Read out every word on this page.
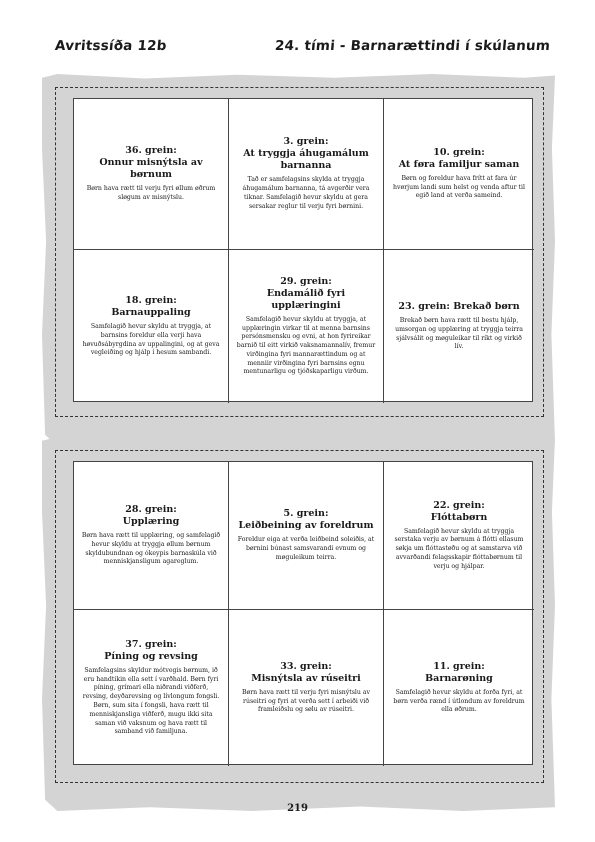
Avritssíða 12b	24. tími - Barnarættindi í skúlanum
36. grein:
Onnur misnýtsla av børnum
Børn hava rætt til verju fyri øllum øðrum sløgum av misnýtslu.
3. grein:
At tryggja áhugamálum barnanna
Tað er samfelagsins skylda at tryggja áhugamálum barnanna, tá avgerðir vera tiknar. Samfelagið hevur skyldu at gera sersakar reglur til verju fyri børnini.
10. grein:
At føra familjur saman
Børn og foreldur hava frítt at fara úr hvørjum landi sum helst og venda aftur til egið land at verða sameind.
18. grein:
Barnauppaling
Samfelagið hevur skyldu at tryggja, at barnsins foreldur ella verji hava høvuðsábyrgdina av uppalingini, og at geva vegleiðing og hjálp í hesum sambandi.
29. grein:
Endamálið fyri upplæringini
Samfelagið hevur skyldu at tryggja, at upplæringin virkar til at menna barnsins persónsmensku og evni, at hon fyrireikar barnið til eitt virkið vaksnamannalív, fremur virðingina fyri mannarættindum og at menniir virðingina fyri barnsins egnu mentunarligu og tjóðskaparligu virðum.
23. grein: Brekað børn
Brekað børn hava rætt til bestu hjálp, umsorgan og upplæring at tryggja teirra sjálvsálit og møguleikar til ríkt og virkið lív.
28. grein:
Upplæring
Børn hava rætt til upplæring, og samfelagið hevur skyldu at tryggja øllum børnum skyldubundnan og ókeypis barnaskúla við menniskjansligum agareglum.
5. grein:
Leiðbeining av foreldrum
Foreldur eiga at verða leiðbeind soleiðis, at børnini búnast samsvarandi evnum og møguleikum teirra.
22. grein:
Flóttabørn
Samfelagið hevur skyldu at tryggja serstaka verju av børnum á flótti ellasum søkja um flóttastøðu og at samstarva við avvarðandi felagsskapir flóttabørnum til verju og hjálpar.
37. grein:
Píning og revsing
Samfelagsins skyldur mótvegis børnum, ið eru handtikin ella sett í varðhald. Børn fyri píning, grímari ella niðrandi viðferð, revsing, deyðarevsing og lívlongum fongsli. Børn, sum sita í fongsli, hava rætt til menniskjansliga viðferð, mugu ikki sita saman við vaksnum og hava rætt til samband við familjuna.
33. grein:
Misnýtsla av rúseitri
Børn hava rætt til verju fyri misnýtslu av rúseitri og fyri at verða sett í arbeiði við framleiðslu og sølu av rúseitri.
11. grein:
Barnarøning
Samfelagið hevur skyldu at forða fyri, at børn verða rænd í útlondum av foreldrum ella øðrum.
219
